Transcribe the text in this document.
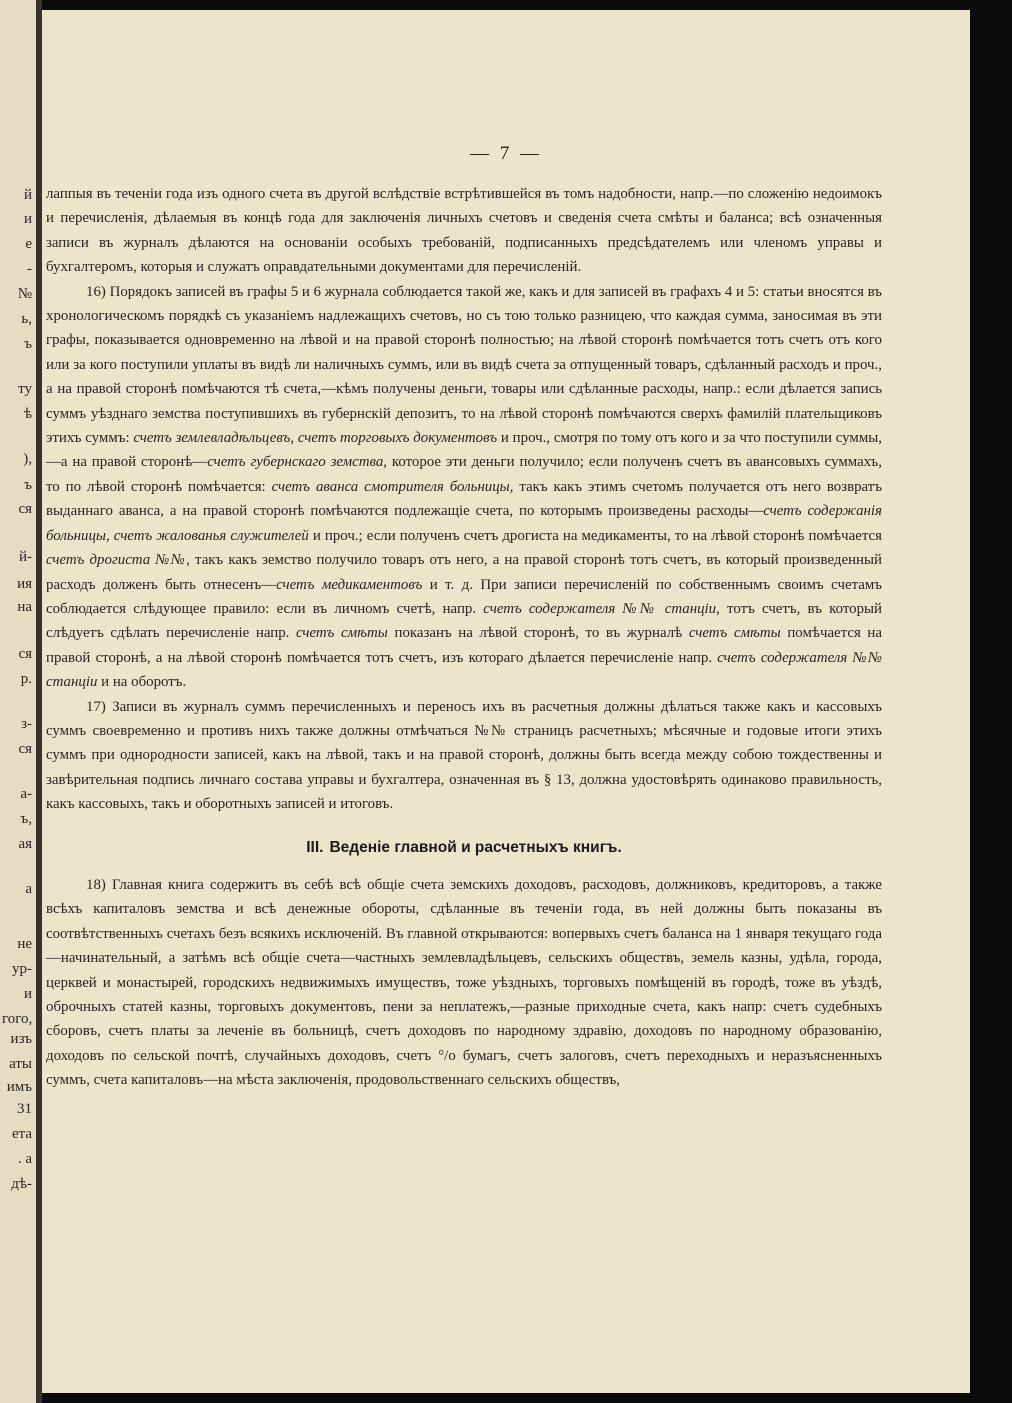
й
и
е
-
№
ь,
ъ
ту
ѣ
),
ъ
ся
й-
ия
на
ся
р.
з-
ся
а-
ъ,
ая
а
не
ур-
и
гого,
изъ
аты
имъ
31
ета
. а
дѣ-
— 7 —

лаппыя въ теченіи года изъ одного счета въ другой вслѣдствіе встрѣтившейся въ томъ надобности, напр.—по сложенію недоимокъ и перечисленія, дѣлаемыя въ концѣ года для заключенія личныхъ счетовъ и сведенія счета смѣты и баланса; всѣ означенныя записи въ журналъ дѣлаются на основаніи особыхъ требованій, подписанныхъ предсѣдателемъ или членомъ управы и бухгалтеромъ, которыя и служатъ оправдательными документами для перечисленій.

16) Порядокъ записей въ графы 5 и 6 журнала соблюдается такой же, какъ и для записей въ графахъ 4 и 5: статьи вносятся въ хронологическомъ порядкѣ съ указаніемъ надлежащихъ счетовъ, но съ тою только разницею, что каждая сумма, заносимая въ эти графы, показывается одновременно на лѣвой и на правой сторонѣ полностью; на лѣвой сторонѣ помѣчается тотъ счетъ отъ кого или за кого поступили уплаты въ видѣ ли наличныхъ суммъ, или въ видѣ счета за отпущенный товаръ, сдѣланный расходъ и проч., а на правой сторонѣ помѣчаются тѣ счета,—кѣмъ получены деньги, товары или сдѣланные расходы, напр.: если дѣлается запись суммъ уѣзднаго земства поступившихъ въ губернскій депозитъ, то на лѣвой сторонѣ помѣчаются сверхъ фамилій плательщиковъ этихъ суммъ: счетъ землевладѣльцевъ, счетъ торговыхъ документовъ и проч., смотря по тому отъ кого и за что поступили суммы,—а на правой сторонѣ—счетъ губернскаго земства, которое эти деньги получило; если полученъ счетъ въ авансовыхъ суммахъ, то по лѣвой сторонѣ помѣчается: счетъ аванса смотрителя больницы, такъ какъ этимъ счетомъ получается отъ него возвратъ выданнаго аванса, а на правой сторонѣ помѣчаются подлежащіе счета, по которымъ произведены расходы—счетъ содержанія больницы, счетъ жалованья служителей и проч.; если полученъ счетъ дрогиста на медикаменты, то на лѣвой сторонѣ помѣчается счетъ дрогиста №№, такъ какъ земство получило товаръ отъ него, а на правой сторонѣ тотъ счетъ, въ который произведенный расходъ долженъ быть отнесенъ—счетъ медикаментовъ и т. д. При записи перечисленій по собственнымъ своимъ счетамъ соблюдается слѣдующее правило: если въ личномъ счетѣ, напр. счетъ содержателя №№ станціи, тотъ счетъ, въ который слѣдуетъ сдѣлать перечисленіе напр. счетъ смѣты показанъ на лѣвой сторонѣ, то въ журналѣ счетъ смѣты помѣчается на правой сторонѣ, а на лѣвой сторонѣ помѣчается тотъ счетъ, изъ котораго дѣлается перечисленіе напр. счетъ содержателя №№ станціи и на оборотъ.

17) Записи въ журналъ суммъ перечисленныхъ и переносъ ихъ въ расчетныя должны дѣлаться также какъ и кассовыхъ суммъ своевременно и противъ нихъ также должны отмѣчаться №№ страницъ расчетныхъ; мѣсячные и годовые итоги этихъ суммъ при однородности записей, какъ на лѣвой, такъ и на правой сторонѣ, должны быть всегда между собою тождественны и завѣрительная подпись личнаго состава управы и бухгалтера, означенная въ § 13, должна удостовѣрять одинаково правильность, какъ кассовыхъ, такъ и оборотныхъ записей и итоговъ.

III. Веденіе главной и расчетныхъ книгъ.

18) Главная книга содержитъ въ себѣ всѣ общіе счета земскихъ доходовъ, расходовъ, должниковъ, кредиторовъ, а также всѣхъ капиталовъ земства и всѣ денежные обороты, сдѣланные въ теченіи года, въ ней должны быть показаны въ соотвѣтственныхъ счетахъ безъ всякихъ исключеній. Въ главной открываются: вопервыхъ счетъ баланса на 1 января текущаго года—начинательный, а затѣмъ всѣ общіе счета—частныхъ землевладѣльцевъ, сельскихъ обществъ, земель казны, удѣла, города, церквей и монастырей, городскихъ недвижимыхъ имуществъ, тоже уѣздныхъ, торговыхъ помѣщеній въ городѣ, тоже въ уѣздѣ, оброчныхъ статей казны, торговыхъ документовъ, пени за неплатежъ,—разные приходные счета, какъ напр: счетъ судебныхъ сборовъ, счетъ платы за леченіе въ больницѣ, счетъ доходовъ по народному здравію, доходовъ по народному образованію, доходовъ по сельской почтѣ, случайныхъ доходовъ, счетъ °/о бумагъ, счетъ залоговъ, счетъ переходныхъ и неразъясненныхъ суммъ, счета капиталовъ—на мѣста заключенія, продовольственнаго сельскихъ обществъ,
